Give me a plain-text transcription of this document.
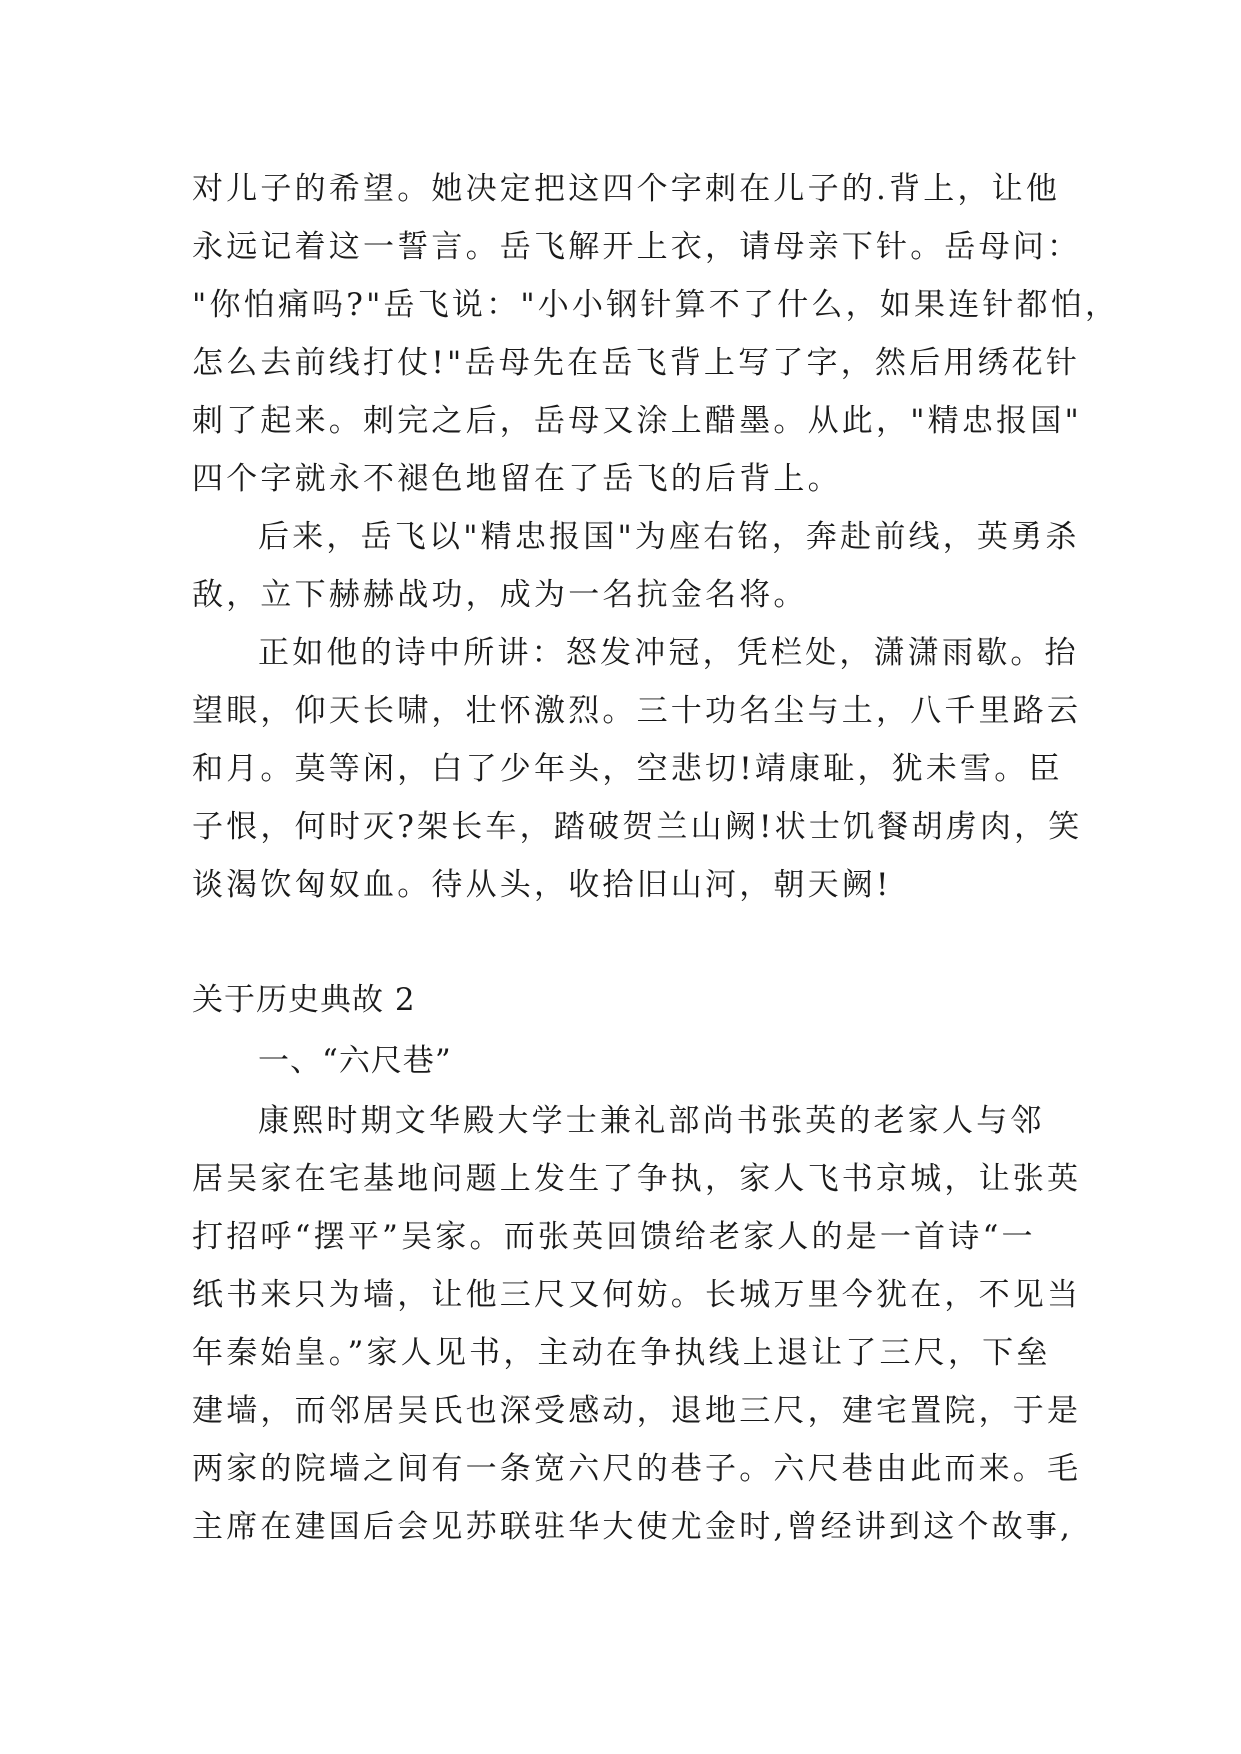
对儿子的希望。她决定把这四个字刺在儿子的.背上，让他
永远记着这一誓言。岳飞解开上衣，请母亲下针。岳母问：
"你怕痛吗?"岳飞说："小小钢针算不了什么，如果连针都怕，
怎么去前线打仗!"岳母先在岳飞背上写了字，然后用绣花针
刺了起来。刺完之后，岳母又涂上醋墨。从此，"精忠报国"
四个字就永不褪色地留在了岳飞的后背上。
后来，岳飞以"精忠报国"为座右铭，奔赴前线，英勇杀
敌，立下赫赫战功，成为一名抗金名将。
正如他的诗中所讲：怒发冲冠，凭栏处，潇潇雨歇。抬
望眼，仰天长啸，壮怀激烈。三十功名尘与土，八千里路云
和月。莫等闲，白了少年头，空悲切!靖康耻，犹未雪。臣
子恨，何时灭?架长车，踏破贺兰山阙!状士饥餐胡虏肉，笑
谈渴饮匈奴血。待从头，收拾旧山河，朝天阙!
关于历史典故 2
一、“六尺巷”
康熙时期文华殿大学士兼礼部尚书张英的老家人与邻
居吴家在宅基地问题上发生了争执，家人飞书京城，让张英
打招呼“摆平”吴家。而张英回馈给老家人的是一首诗“一
纸书来只为墙，让他三尺又何妨。长城万里今犹在，不见当
年秦始皇。”家人见书，主动在争执线上退让了三尺，下垒
建墙，而邻居吴氏也深受感动，退地三尺，建宅置院，于是
两家的院墙之间有一条宽六尺的巷子。六尺巷由此而来。毛
主席在建国后会见苏联驻华大使尤金时,曾经讲到这个故事,
